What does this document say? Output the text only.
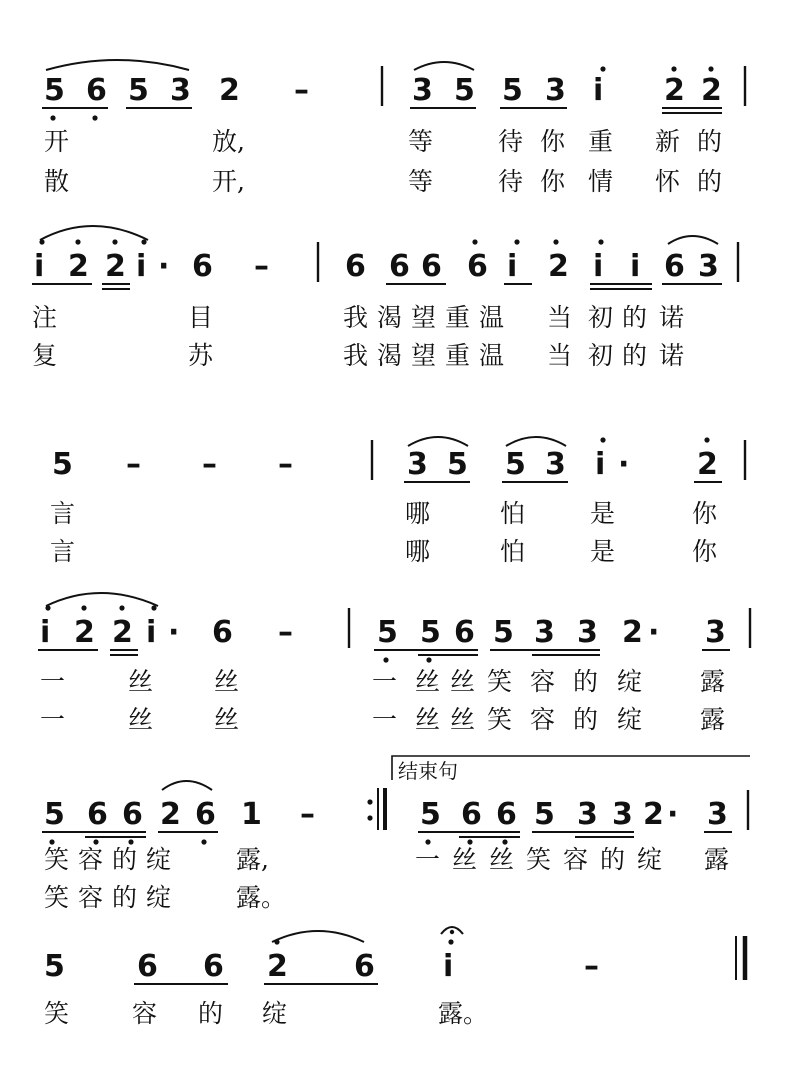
5 6 5 3 2 –	3 5 5 3 i 2 2
开	放,	等	待 你 重 新 的
散	开,	等	待 你 情 怀 的
i 2 2 i · 6 –	6 6 6 6 i 2 i i 6 3
注	目	我 渴 望 重 温 当 初 的 诺
复	苏	我 渴 望 重 温 当 初 的 诺
5 – – –	3 5 5 3 i · 2
言	哪	怕	是	你
言	哪	怕	是	你
i 2 2 i · 6 –	5 5 6 5 3 3 2 · 3
一	丝 丝	一 丝 丝 笑 容 的 绽 露
一	丝 丝	一 丝 丝 笑 容 的 绽 露
结束句
5 6 6 2 6 1 –	5 6 6 5 3 3 2 · 3
笑 容 的 绽	露,	一 丝 丝 笑 容 的 绽 露
笑 容 的 绽	露。
5 6 6 2 6 i	–
笑	容 的 绽	露。
